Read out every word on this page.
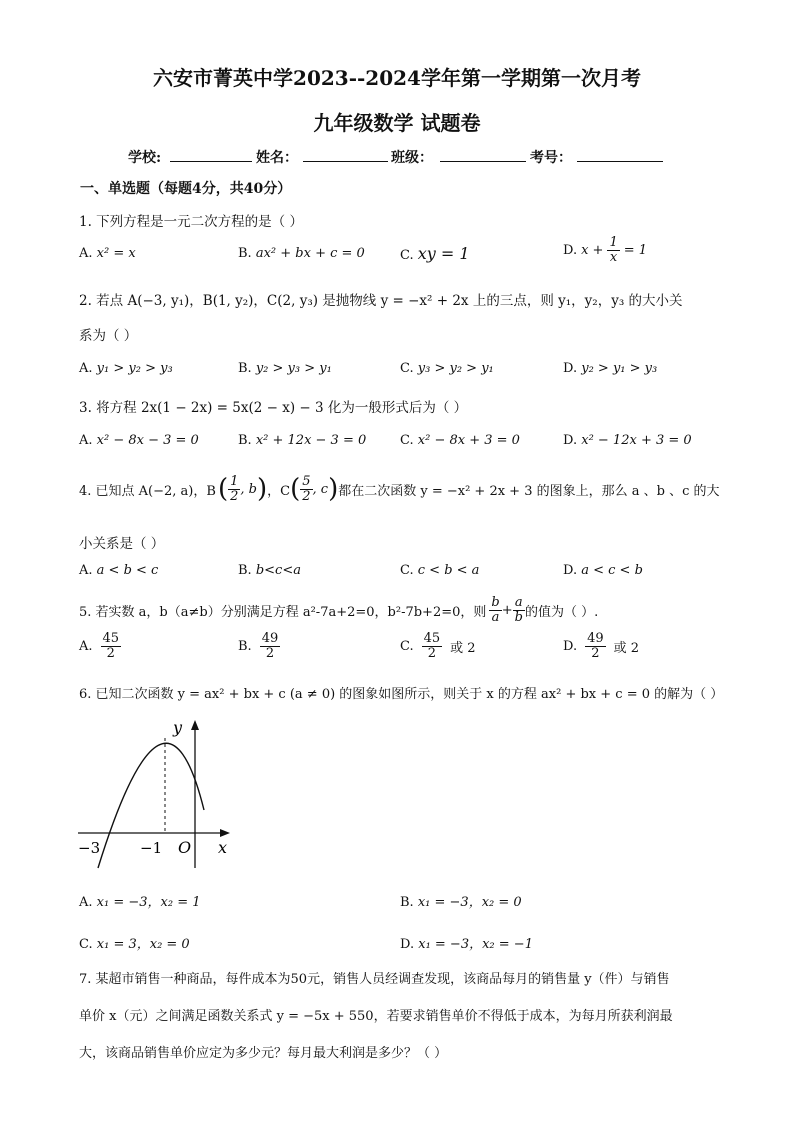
六安市菁英中学2023--2024学年第一学期第一次月考
九年级数学 试题卷
学校:	姓名：	班级：	考号：
一、单选题（每题4分，共40分）
1. 下列方程是一元二次方程的是（ ）
A. x² = x	B. ax² + bx + c = 0	C. xy = 1	D. $x + \frac{1}{x} = 1$
2. 若点 A(−3, y₁)，B(1, y₂)，C(2, y₃) 是抛物线 y = −x² + 2x 上的三点，则 y₁，y₂，y₃ 的大小关
系为（ ）
A. y₁ > y₂ > y₃	B. y₂ > y₃ > y₁	C. y₃ > y₂ > y₁	D. y₂ > y₁ > y₃
3. 将方程 2x(1 − 2x) = 5x(2 − x) − 3 化为一般形式后为（ ）
A. x² − 8x − 3 = 0	B. x² + 12x − 3 = 0	C. x² − 8x + 3 = 0	D. x² − 12x + 3 = 0
4. 已知点 A(−2, a)，B ( $\frac{1}{2}$ , b ) ，C ( $\frac{5}{2}$ , c ) 都在二次函数 y = −x² + 2x + 3 的图象上，那么 a 、b 、c 的大
小关系是（ ）
A. a < b < c	B. b<c<a	C. c < b < a	D. a < c < b
5. 若实数 a，b（a≠b）分别满足方程 a²-7a+2=0，b²-7b+2=0，则 $\frac{b}{a} + \frac{a}{b}$ 的值为（ ）.
A. $\frac{45}{2}$	B. $\frac{49}{2}$	C. $\frac{45}{2}$ 或 2	D. $\frac{49}{2}$ 或 2
6. 已知二次函数 y = ax² + bx + c (a ≠ 0) 的图象如图所示，则关于 x 的方程 ax² + bx + c = 0 的解为（ ）
y
x
O
−3	−1
A. x₁ = −3，x₂ = 1	B. x₁ = −3，x₂ = 0
C. x₁ = 3，x₂ = 0	D. x₁ = −3，x₂ = −1
7. 某超市销售一种商品，每件成本为50元，销售人员经调查发现，该商品每月的销售量 y（件）与销售
单价 x（元）之间满足函数关系式 y = −5x + 550，若要求销售单价不得低于成本，为每月所获利润最
大，该商品销售单价应定为多少元？每月最大利润是多少？（ ）
